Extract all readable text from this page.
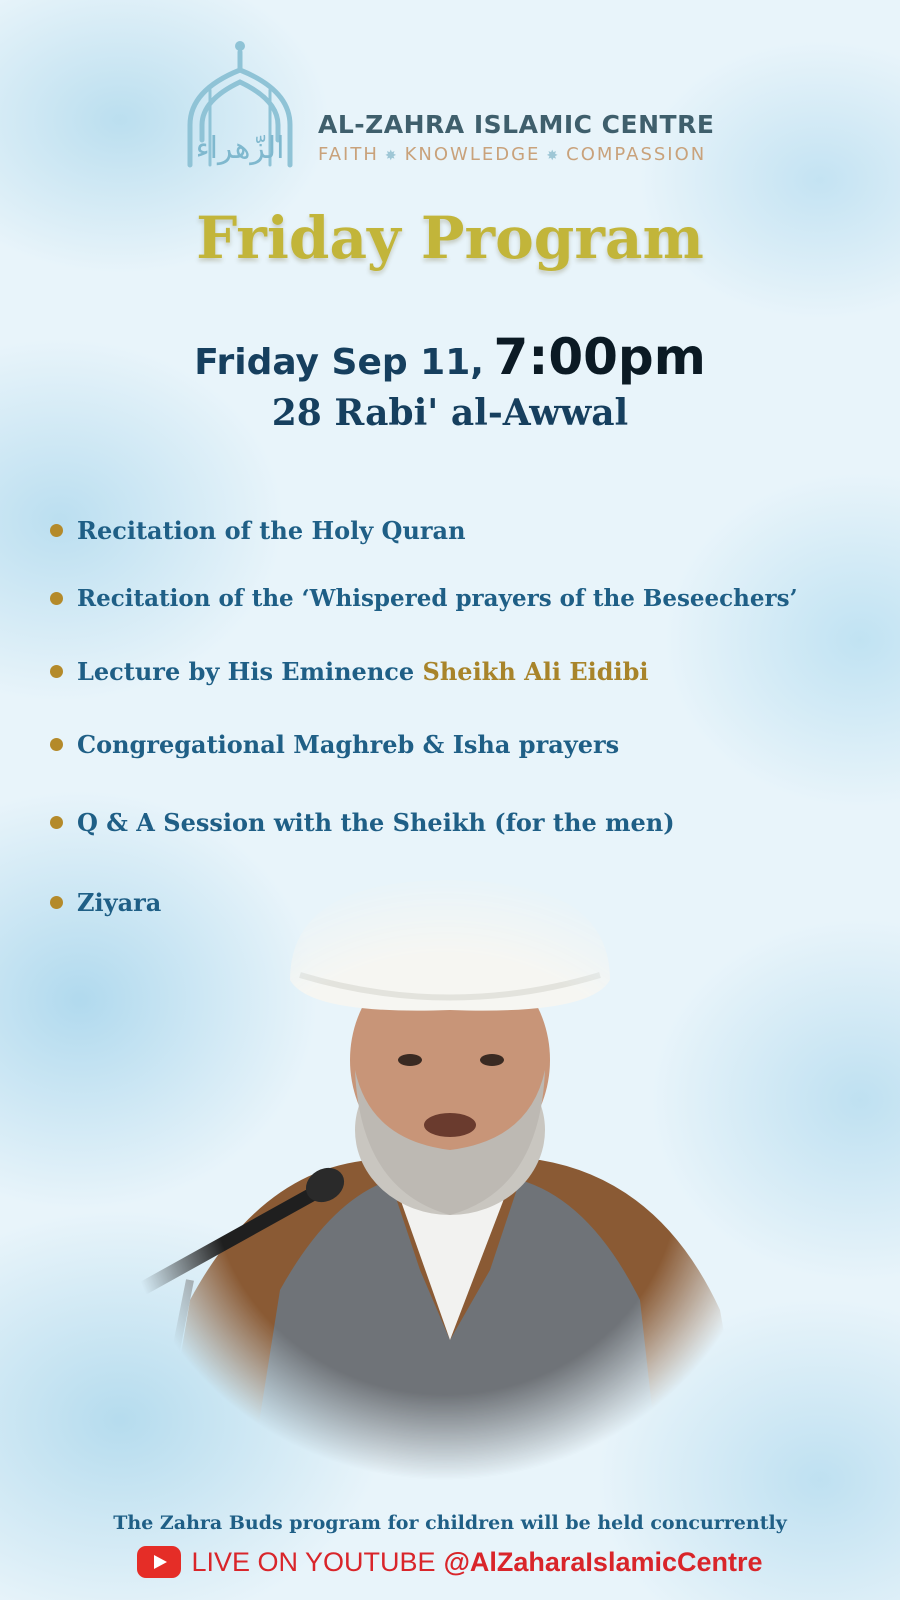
الزّهراء
AL-ZAHRA ISLAMIC CENTRE
FAITH ✸ KNOWLEDGE ✸ COMPASSION
Friday Program
Friday Sep 11, 7:00pm
28 Rabi' al-Awwal
Recitation of the Holy Quran
Recitation of the ‘Whispered prayers of the Beseechers’
Lecture by His Eminence Sheikh Ali Eidibi
Congregational Maghreb & Isha prayers
Q & A Session with the Sheikh (for the men)
Ziyara
The Zahra Buds program for children will be held concurrently
LIVE ON YOUTUBE @AlZaharaIslamicCentre
